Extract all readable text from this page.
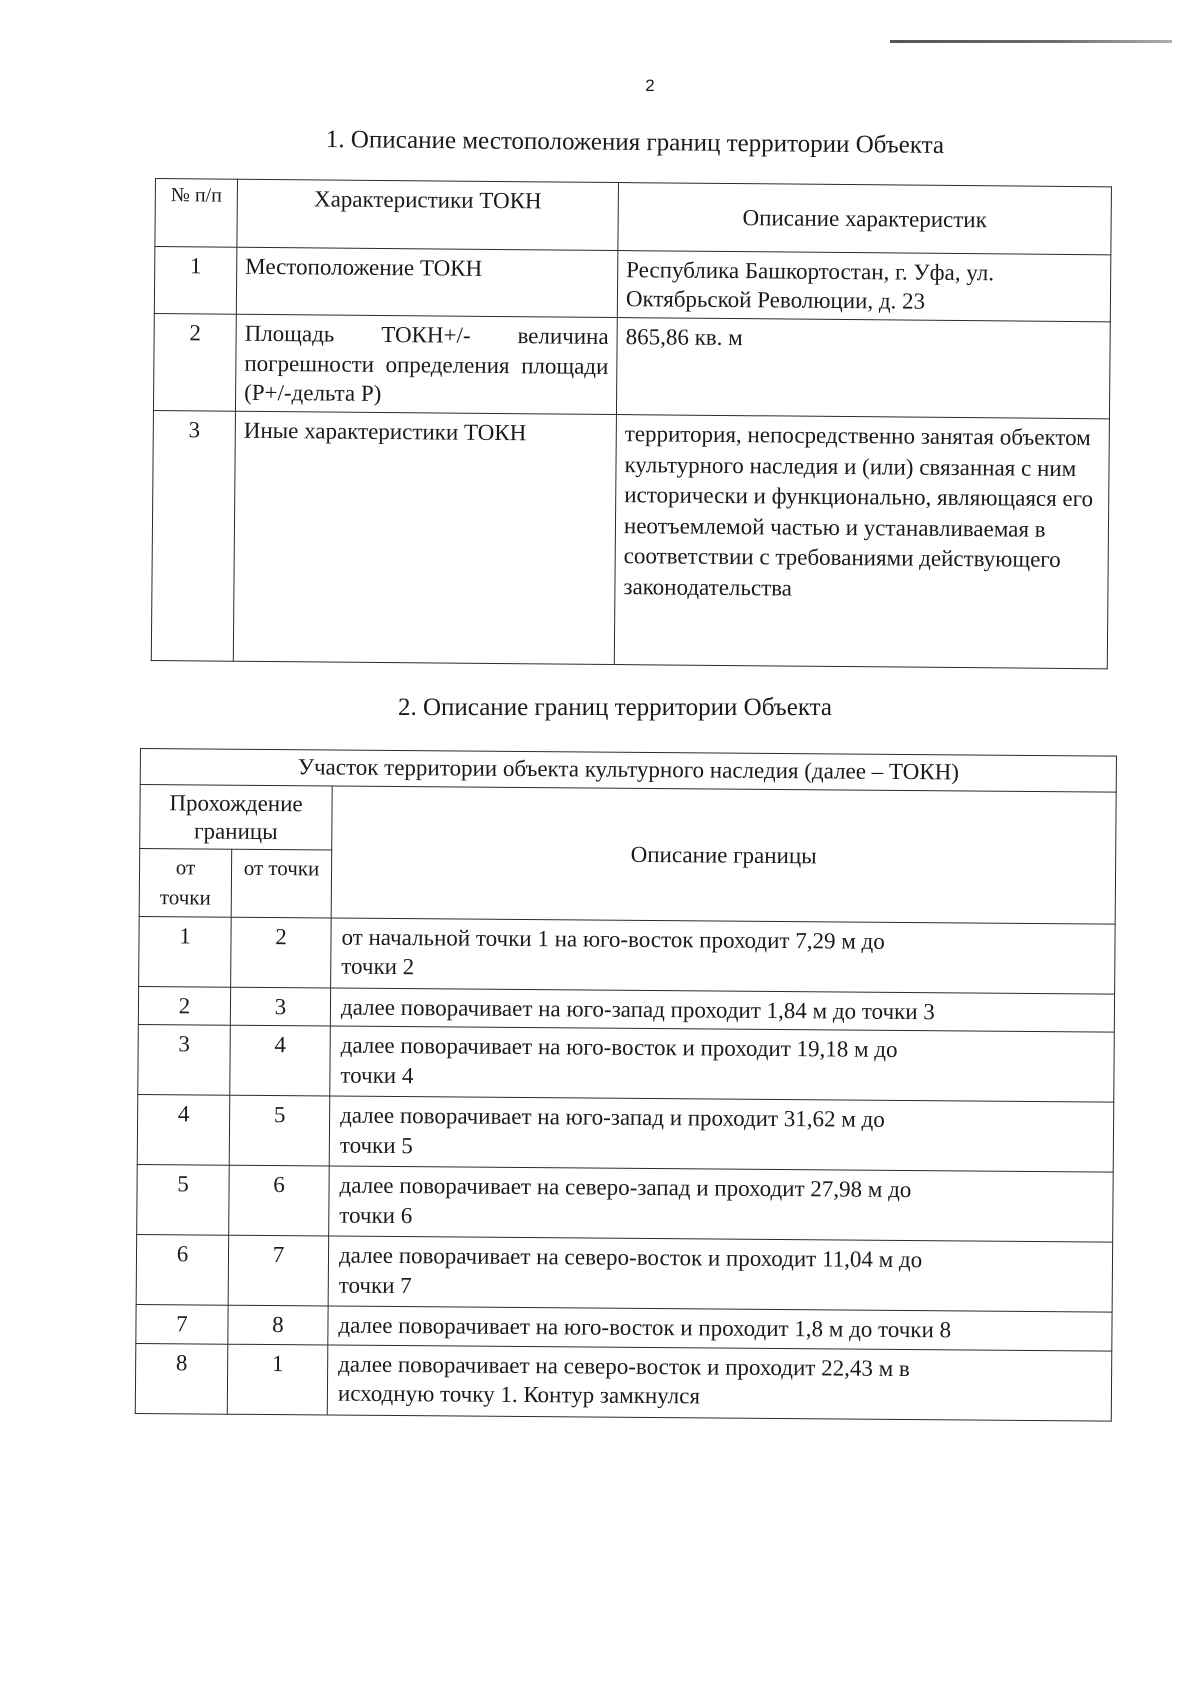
2
1. Описание местоположения границ территории Объекта
№ п/п	Характеристики ТОКН	Описание характеристик
1	Местоположение ТОКН	Республика Башкортостан, г. Уфа, ул. Октябрьской Революции, д. 23
2	Площадь ТОКН+/- величина погрешности определения площади (Р+/-дельта Р)	865,86 кв. м
3	Иные характеристики ТОКН	территория, непосредственно занятая объектом культурного наследия и (или) связанная с ним исторически и функционально, являющаяся его неотъемлемой частью и устанавливаемая в соответствии с требованиями действующего законодательства
2. Описание границ территории Объекта
Участок территории объекта культурного наследия (далее – ТОКН)		
Прохождение границы		Описание границы
от точки	от точки	
1	2	от начальной точки 1 на юго-восток проходит 7,29 м до точки 2
2	3	далее поворачивает на юго-запад проходит 1,84 м до точки 3
3	4	далее поворачивает на юго-восток и проходит 19,18 м до точки 4
4	5	далее поворачивает на юго-запад и проходит 31,62 м до точки 5
5	6	далее поворачивает на северо-запад и проходит 27,98 м до точки 6
6	7	далее поворачивает на северо-восток и проходит 11,04 м до точки 7
7	8	далее поворачивает на юго-восток и проходит 1,8 м до точки 8
8	1	далее поворачивает на северо-восток и проходит 22,43 м в исходную точку 1. Контур замкнулся
